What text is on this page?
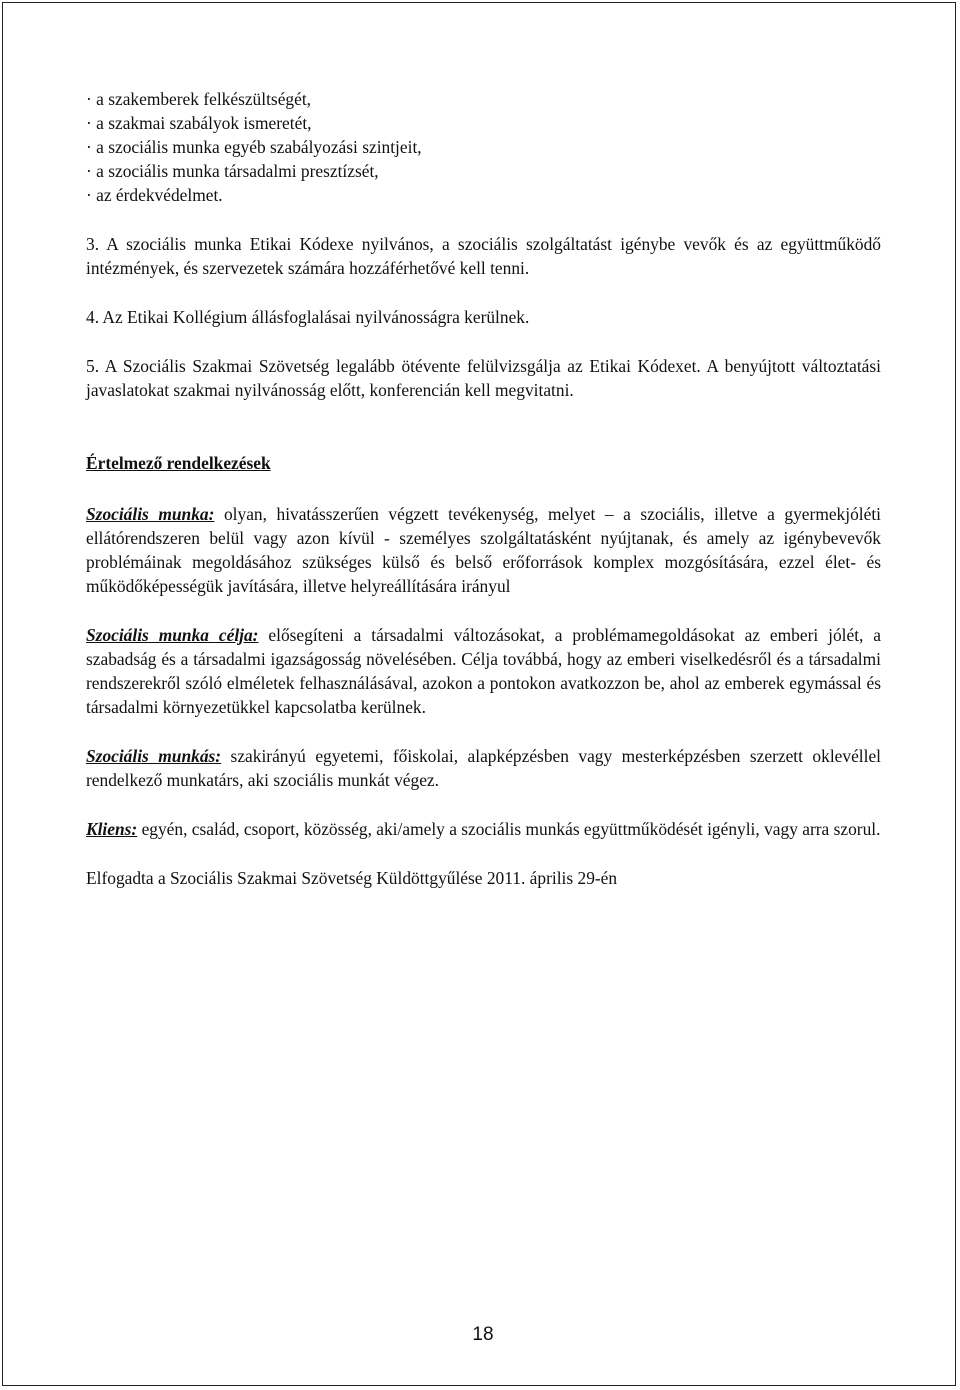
· a szakemberek felkészültségét,
· a szakmai szabályok ismeretét,
· a szociális munka egyéb szabályozási szintjeit,
· a szociális munka társadalmi presztízsét,
· az érdekvédelmet.

3. A szociális munka Etikai Kódexe nyilvános, a szociális szolgáltatást igénybe vevők és az együttműködő intézmények, és szervezetek számára hozzáférhetővé kell tenni.

4. Az Etikai Kollégium állásfoglalásai nyilvánosságra kerülnek.

5. A Szociális Szakmai Szövetség legalább ötévente felülvizsgálja az Etikai Kódexet. A benyújtott változtatási javaslatokat szakmai nyilvánosság előtt, konferencián kell megvitatni.

Értelmező rendelkezések

Szociális munka: olyan, hivatásszerűen végzett tevékenység, melyet – a szociális, illetve a gyermekjóléti ellátórendszeren belül vagy azon kívül - személyes szolgáltatásként nyújtanak, és amely az igénybevevők problémáinak megoldásához szükséges külső és belső erőforrások komplex mozgósítására, ezzel élet- és működőképességük javítására, illetve helyreállítására irányul

Szociális munka célja: elősegíteni a társadalmi változásokat, a problémamegoldásokat az emberi jólét, a szabadság és a társadalmi igazságosság növelésében. Célja továbbá, hogy az emberi viselkedésről és a társadalmi rendszerekről szóló elméletek felhasználásával, azokon a pontokon avatkozzon be, ahol az emberek egymással és társadalmi környezetükkel kapcsolatba kerülnek.

Szociális munkás: szakirányú egyetemi, főiskolai, alapképzésben vagy mesterképzésben szerzett oklevéllel rendelkező munkatárs, aki szociális munkát végez.

Kliens: egyén, család, csoport, közösség, aki/amely a szociális munkás együttműködését igényli, vagy arra szorul.

Elfogadta a Szociális Szakmai Szövetség Küldöttgyűlése 2011. április 29-én

18
